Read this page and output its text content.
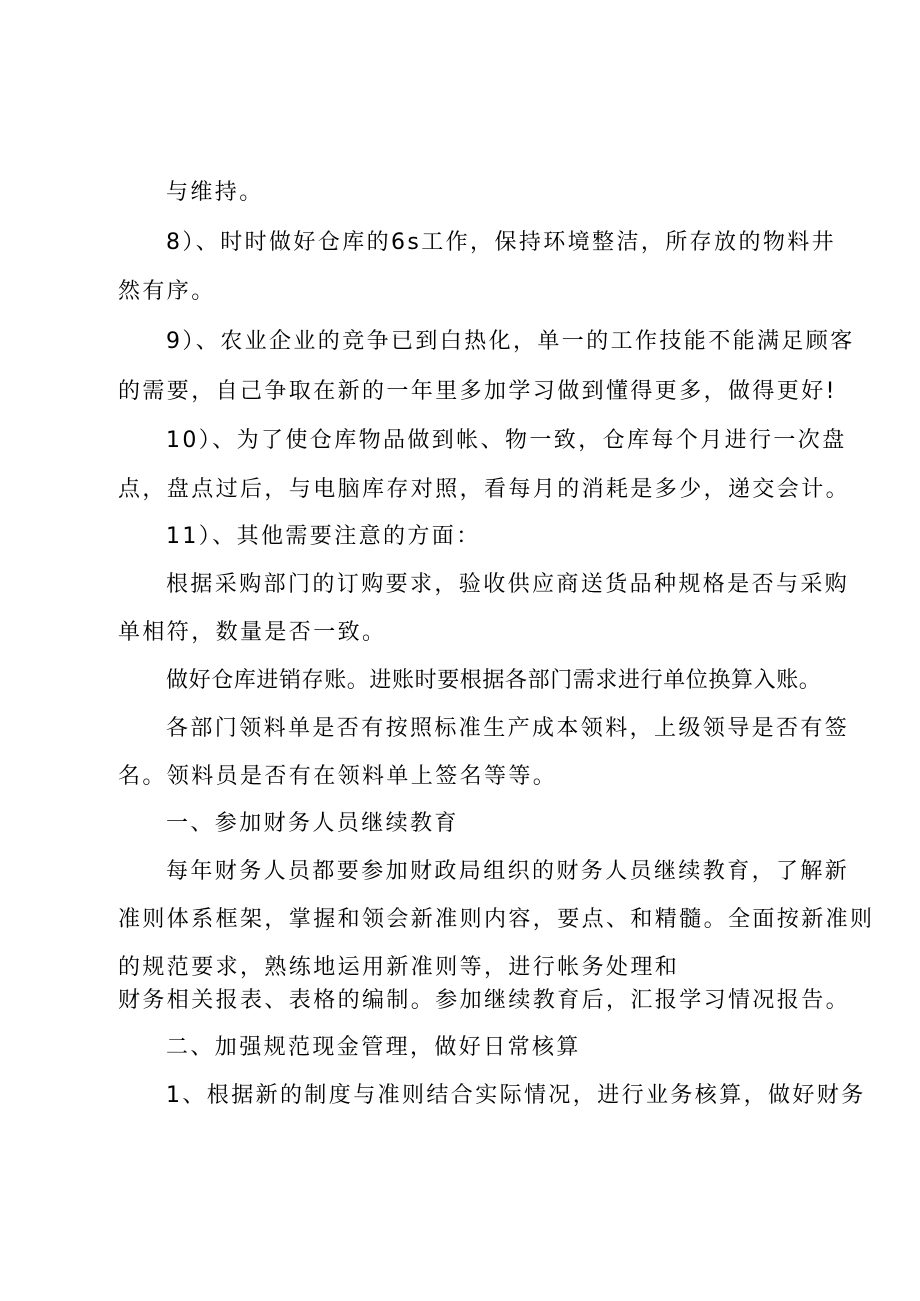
与维持。
8）、时时做好仓库的6s工作，保持环境整洁，所存放的物料井
然有序。
9）、农业企业的竞争已到白热化，单一的工作技能不能满足顾客
的需要，自己争取在新的一年里多加学习做到懂得更多，做得更好!
10）、为了使仓库物品做到帐、物一致，仓库每个月进行一次盘
点，盘点过后，与电脑库存对照，看每月的消耗是多少，递交会计。
11）、其他需要注意的方面：
根据采购部门的订购要求，验收供应商送货品种规格是否与采购
单相符，数量是否一致。
做好仓库进销存账。进账时要根据各部门需求进行单位换算入账。
各部门领料单是否有按照标准生产成本领料，上级领导是否有签
名。领料员是否有在领料单上签名等等。
一、参加财务人员继续教育
每年财务人员都要参加财政局组织的财务人员继续教育，了解新
准则体系框架，掌握和领会新准则内容，要点、和精髓。全面按新准则
的规范要求，熟练地运用新准则等，进行帐务处理和
财务相关报表、表格的编制。参加继续教育后，汇报学习情况报告。
二、加强规范现金管理，做好日常核算
1、根据新的制度与准则结合实际情况，进行业务核算，做好财务
